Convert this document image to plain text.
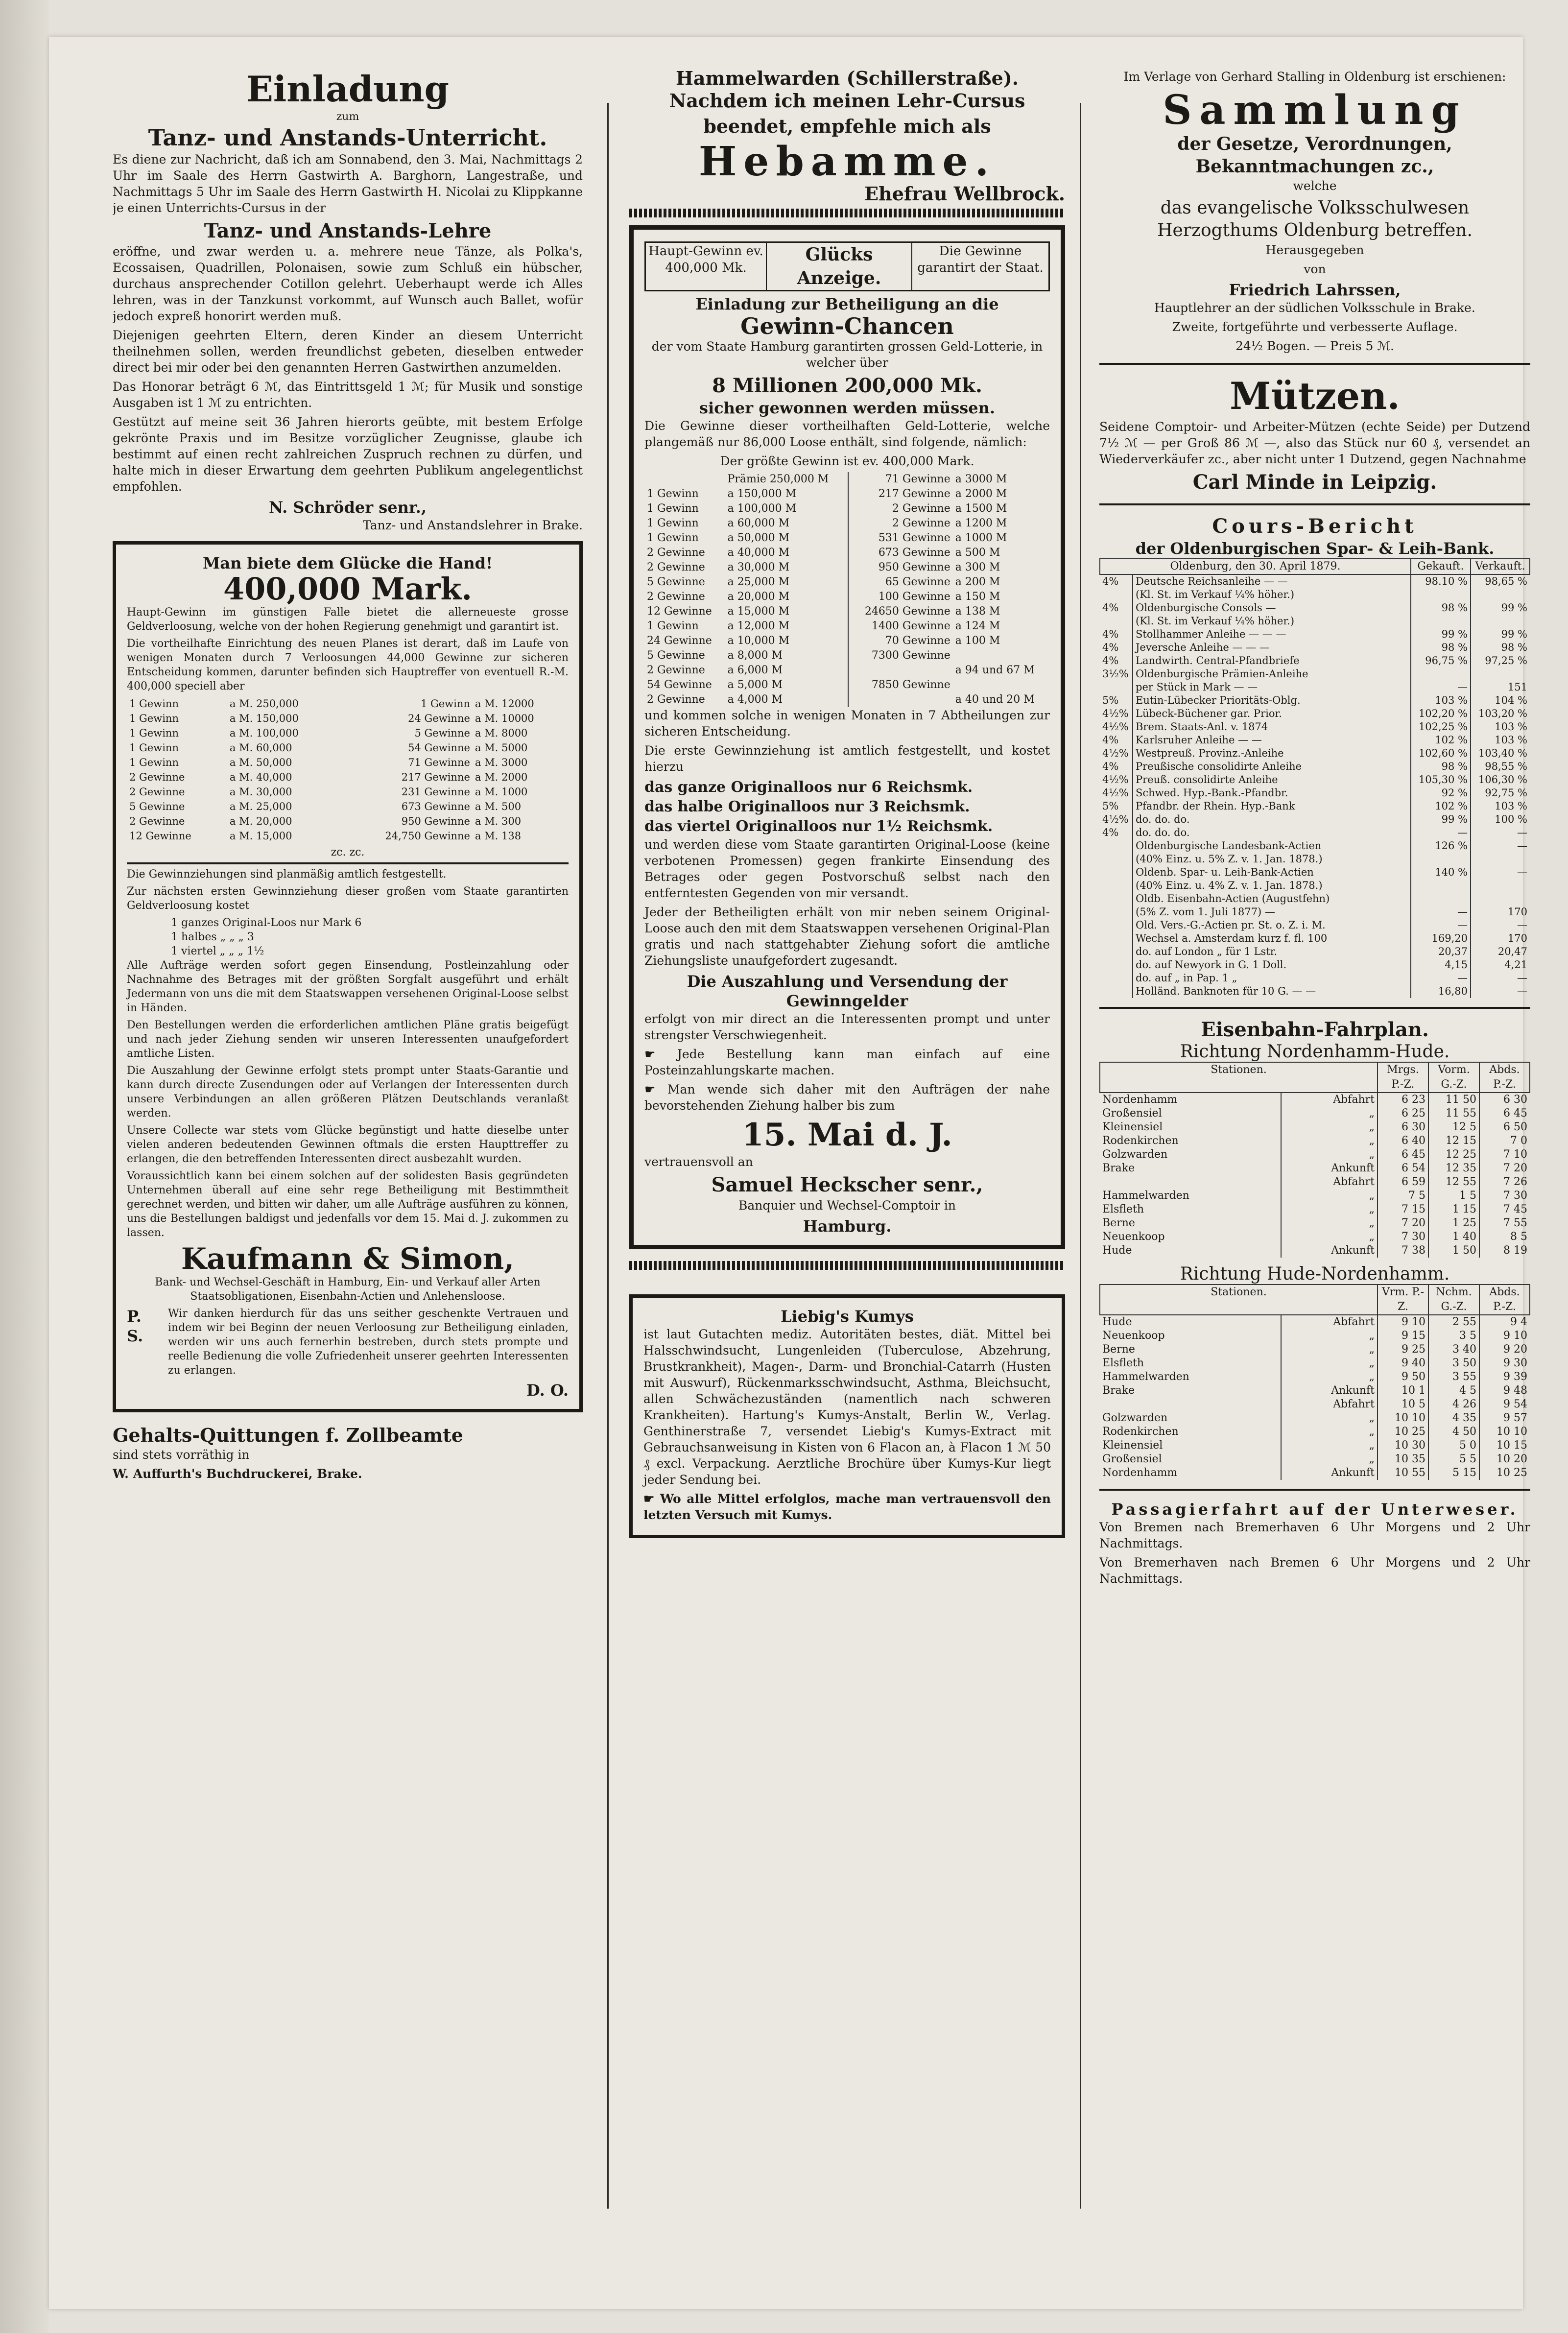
Einladung
zum
Tanz- und Anstands-Unterricht.

Es diene zur Nachricht, daß ich am Sonnabend, den 3. Mai, Nachmittags 2 Uhr im Saale des Herrn Gastwirth A. Barghorn, Langestraße, und Nachmittags 5 Uhr im Saale des Herrn Gastwirth H. Nicolai zu Klippkanne je einen Unterrichts-Cursus in der

Tanz- und Anstands-Lehre

eröffne, und zwar werden u. a. mehrere neue Tänze, als Polka's, Ecossaisen, Quadrillen, Polonaisen, sowie zum Schluß ein hübscher, durchaus ansprechender Cotillon gelehrt. Ueberhaupt werde ich Alles lehren, was in der Tanzkunst vorkommt, auf Wunsch auch Ballet, wofür jedoch expreß honorirt werden muß.

Diejenigen geehrten Eltern, deren Kinder an diesem Unterricht theilnehmen sollen, werden freundlichst gebeten, dieselben entweder direct bei mir oder bei den genannten Herren Gastwirthen anzumelden.

Das Honorar beträgt 6 ℳ, das Eintrittsgeld 1 ℳ; für Musik und sonstige Ausgaben ist 1 ℳ zu entrichten.

Gestützt auf meine seit 36 Jahren hierorts geübte, mit bestem Erfolge gekrönte Praxis und im Besitze vorzüglicher Zeugnisse, glaube ich bestimmt auf einen recht zahlreichen Zuspruch rechnen zu dürfen, und halte mich in dieser Erwartung dem geehrten Publikum angelegentlichst empfohlen.

N. Schröder senr.,

Tanz- und Anstandslehrer in Brake.

Man biete dem Glücke die Hand!
400,000 Mark.

Haupt-Gewinn im günstigen Falle bietet die allerneueste grosse Geldverloosung, welche von der hohen Regierung genehmigt und garantirt ist.

Die vortheilhafte Einrichtung des neuen Planes ist derart, daß im Laufe von wenigen Monaten durch 7 Verloosungen 44,000 Gewinne zur sicheren Entscheidung kommen, darunter befinden sich Hauptreffer von eventuell R.-M. 400,000 speciell aber

1 Gewinn	a M. 250,000	1 Gewinn	a M. 12000
1 Gewinn	a M. 150,000	24 Gewinne	a M. 10000
1 Gewinn	a M. 100,000	5 Gewinne	a M. 8000
1 Gewinn	a M. 60,000	54 Gewinne	a M. 5000
1 Gewinn	a M. 50,000	71 Gewinne	a M. 3000
2 Gewinne	a M. 40,000	217 Gewinne	a M. 2000
2 Gewinne	a M. 30,000	231 Gewinne	a M. 1000
5 Gewinne	a M. 25,000	673 Gewinne	a M. 500
2 Gewinne	a M. 20,000	950 Gewinne	a M. 300
12 Gewinne	a M. 15,000	24,750 Gewinne	a M. 138
zc. zc.

Die Gewinnziehungen sind planmäßig amtlich festgestellt.

Zur nächsten ersten Gewinnziehung dieser großen vom Staate garantirten Geldverloosung kostet

1 ganzes Original-Loos nur Mark 6
1 halbes „ „ „ 3
1 viertel „ „ „ 1½

Alle Aufträge werden sofort gegen Einsendung, Postleinzahlung oder Nachnahme des Betrages mit der größten Sorgfalt ausgeführt und erhält Jedermann von uns die mit dem Staatswappen versehenen Original-Loose selbst in Händen.

Den Bestellungen werden die erforderlichen amtlichen Pläne gratis beigefügt und nach jeder Ziehung senden wir unseren Interessenten unaufgefordert amtliche Listen.

Die Auszahlung der Gewinne erfolgt stets prompt unter Staats-Garantie und kann durch directe Zusendungen oder auf Verlangen der Interessenten durch unsere Verbindungen an allen größeren Plätzen Deutschlands veranlaßt werden.

Unsere Collecte war stets vom Glücke begünstigt und hatte dieselbe unter vielen anderen bedeutenden Gewinnen oftmals die ersten Haupttreffer zu erlangen, die den betreffenden Interessenten direct ausbezahlt wurden.

Voraussichtlich kann bei einem solchen auf der solidesten Basis gegründeten Unternehmen überall auf eine sehr rege Betheiligung mit Bestimmtheit gerechnet werden, und bitten wir daher, um alle Aufträge ausführen zu können, uns die Bestellungen baldigst und jedenfalls vor dem 15. Mai d. J. zukommen zu lassen.

Kaufmann & Simon,

Bank- und Wechsel-Geschäft in Hamburg, Ein- und Verkauf aller Arten Staatsobligationen, Eisenbahn-Actien und Anlehensloose.

P. S.

Wir danken hierdurch für das uns seither geschenkte Vertrauen und indem wir bei Beginn der neuen Verloosung zur Betheiligung einladen, werden wir uns auch fernerhin bestreben, durch stets prompte und reelle Bedienung die volle Zufriedenheit unserer geehrten Interessenten zu erlangen.

D. O.
Gehalts-Quittungen f. Zollbeamte

sind stets vorräthig in

W. Auffurth's Buchdruckerei, Brake.

Hammelwarden (Schillerstraße).
Nachdem ich meinen Lehr-Cursus beendet, empfehle mich als
Hebamme.
Ehefrau Wellbrock.
Haupt-Gewinn ev. 400,000 Mk.	
Glücks
Anzeige.
	Die Gewinne garantirt der Staat.
Einladung zur Betheiligung an die
Gewinn-Chancen

der vom Staate Hamburg garantirten grossen Geld-Lotterie, in welcher über

8 Millionen 200,000 Mk.
sicher gewonnen werden müssen.

Die Gewinne dieser vortheilhaften Geld-Lotterie, welche plangemäß nur 86,000 Loose enthält, sind folgende, nämlich:

Der größte Gewinn ist ev. 400,000 Mark.

	Prämie 250,000 M	71 Gewinne	a 3000 M
1 Gewinn	a 150,000 M	217 Gewinne	a 2000 M
1 Gewinn	a 100,000 M	2 Gewinne	a 1500 M
1 Gewinn	a 60,000 M	2 Gewinne	a 1200 M
1 Gewinn	a 50,000 M	531 Gewinne	a 1000 M
2 Gewinne	a 40,000 M	673 Gewinne	a 500 M
2 Gewinne	a 30,000 M	950 Gewinne	a 300 M
5 Gewinne	a 25,000 M	65 Gewinne	a 200 M
2 Gewinne	a 20,000 M	100 Gewinne	a 150 M
12 Gewinne	a 15,000 M	24650 Gewinne	a 138 M
1 Gewinn	a 12,000 M	1400 Gewinne	a 124 M
24 Gewinne	a 10,000 M	70 Gewinne	a 100 M
5 Gewinne	a 8,000 M	7300 Gewinne	
2 Gewinne	a 6,000 M		a 94 und 67 M
54 Gewinne	a 5,000 M	7850 Gewinne	
2 Gewinne	a 4,000 M		a 40 und 20 M

und kommen solche in wenigen Monaten in 7 Abtheilungen zur sicheren Entscheidung.

Die erste Gewinnziehung ist amtlich festgestellt, und kostet hierzu

das ganze Originalloos nur 6 Reichsmk.
das halbe Originalloos nur 3 Reichsmk.
das viertel Originalloos nur 1½ Reichsmk.

und werden diese vom Staate garantirten Original-Loose (keine verbotenen Promessen) gegen frankirte Einsendung des Betrages oder gegen Postvorschuß selbst nach den entferntesten Gegenden von mir versandt.

Jeder der Betheiligten erhält von mir neben seinem Original-Loose auch den mit dem Staatswappen versehenen Original-Plan gratis und nach stattgehabter Ziehung sofort die amtliche Ziehungsliste unaufgefordert zugesandt.

Die Auszahlung und Versendung der Gewinngelder

erfolgt von mir direct an die Interessenten prompt und unter strengster Verschwiegenheit.

☛ Jede Bestellung kann man einfach auf eine Posteinzahlungskarte machen.

☛ Man wende sich daher mit den Aufträgen der nahe bevorstehenden Ziehung halber bis zum

15. Mai d. J.

vertrauensvoll an

Samuel Heckscher senr.,

Banquier und Wechsel-Comptoir in

Hamburg.
Liebig's Kumys

ist laut Gutachten mediz. Autoritäten bestes, diät. Mittel bei Halsschwindsucht, Lungenleiden (Tuberculose, Abzehrung, Brustkrankheit), Magen-, Darm- und Bronchial-Catarrh (Husten mit Auswurf), Rückenmarksschwindsucht, Asthma, Bleichsucht, allen Schwächezuständen (namentlich nach schweren Krankheiten). Hartung's Kumys-Anstalt, Berlin W., Verlag. Genthinerstraße 7, versendet Liebig's Kumys-Extract mit Gebrauchsanweisung in Kisten von 6 Flacon an, à Flacon 1 ℳ 50 ₰ excl. Verpackung. Aerztliche Brochüre über Kumys-Kur liegt jeder Sendung bei.

☛ Wo alle Mittel erfolglos, mache man vertrauensvoll den letzten Versuch mit Kumys.

Im Verlage von Gerhard Stalling in Oldenburg ist erschienen:

Sammlung
der Gesetze, Verordnungen, Bekanntmachungen zc.,

welche

das evangelische Volksschulwesen Herzogthums Oldenburg betreffen.

Herausgegeben

von

Friedrich Lahrssen,

Hauptlehrer an der südlichen Volksschule in Brake.

Zweite, fortgeführte und verbesserte Auflage.

24½ Bogen. — Preis 5 ℳ.

Mützen.

Seidene Comptoir- und Arbeiter-Mützen (echte Seide) per Dutzend 7½ ℳ — per Groß 86 ℳ —, also das Stück nur 60 ₰, versendet an Wiederverkäufer zc., aber nicht unter 1 Dutzend, gegen Nachnahme

Carl Minde in Leipzig.
Cours-Bericht
der Oldenburgischen Spar- & Leih-Bank.
Oldenburg, den 30. April 1879.		Gekauft.	Verkauft.
4%	Deutsche Reichsanleihe — —	98.10 %	98,65 %
	(Kl. St. im Verkauf ¼% höher.)		
4%	Oldenburgische Consols —	98 %	99 %
	(Kl. St. im Verkauf ¼% höher.)		
4%	Stollhammer Anleihe — — —	99 %	99 %
4%	Jeversche Anleihe — — —	98 %	98 %
4%	Landwirth. Central-Pfandbriefe	96,75 %	97,25 %
3½%	Oldenburgische Prämien-Anleihe		
	per Stück in Mark — —	—	151
5%	Eutin-Lübecker Prioritäts-Oblg.	103 %	104 %
4½%	Lübeck-Büchener gar. Prior.	102,20 %	103,20 %
4½%	Brem. Staats-Anl. v. 1874	102,25 %	103 %
4%	Karlsruher Anleihe — —	102 %	103 %
4½%	Westpreuß. Provinz.-Anleihe	102,60 %	103,40 %
4%	Preußische consolidirte Anleihe	98 %	98,55 %
4½%	Preuß. consolidirte Anleihe	105,30 %	106,30 %
4½%	Schwed. Hyp.-Bank.-Pfandbr.	92 %	92,75 %
5%	Pfandbr. der Rhein. Hyp.-Bank	102 %	103 %
4½%	do. do. do.	99 %	100 %
4%	do. do. do.	—	—
	Oldenburgische Landesbank-Actien	126 %	—
	(40% Einz. u. 5% Z. v. 1. Jan. 1878.)		
	Oldenb. Spar- u. Leih-Bank-Actien	140 %	—
	(40% Einz. u. 4% Z. v. 1. Jan. 1878.)		
	Oldb. Eisenbahn-Actien (Augustfehn)		
	(5% Z. vom 1. Juli 1877) —	—	170
	Old. Vers.-G.-Actien pr. St. o. Z. i. M.	—	—
	Wechsel a. Amsterdam kurz f. fl. 100	169,20	170
	do. auf London „ für 1 Lstr.	20,37	20,47
	do. auf Newyork in G. 1 Doll.	4,15	4,21
	do. auf „ in Pap. 1 „	—	—
	Holländ. Banknoten für 10 G. — —	16,80	—
Eisenbahn-Fahrplan.
Richtung Nordenhamm-Hude.
Stationen.		Mrgs. P.-Z.	Vorm. G.-Z.	Abds. P.-Z.
Nordenhamm	Abfahrt	6 23	11 50	6 30
Großensiel	„	6 25	11 55	6 45
Kleinensiel	„	6 30	12 5	6 50
Rodenkirchen	„	6 40	12 15	7 0
Golzwarden	„	6 45	12 25	7 10
Brake	Ankunft	6 54	12 35	7 20
	Abfahrt	6 59	12 55	7 26
Hammelwarden	„	7 5	1 5	7 30
Elsfleth	„	7 15	1 15	7 45
Berne	„	7 20	1 25	7 55
Neuenkoop	„	7 30	1 40	8 5
Hude	Ankunft	7 38	1 50	8 19
Richtung Hude-Nordenhamm.
Stationen.		Vrm. P.-Z.	Nchm. G.-Z.	Abds. P.-Z.
Hude	Abfahrt	9 10	2 55	9 4
Neuenkoop	„	9 15	3 5	9 10
Berne	„	9 25	3 40	9 20
Elsfleth	„	9 40	3 50	9 30
Hammelwarden	„	9 50	3 55	9 39
Brake	Ankunft	10 1	4 5	9 48
	Abfahrt	10 5	4 26	9 54
Golzwarden	„	10 10	4 35	9 57
Rodenkirchen	„	10 25	4 50	10 10
Kleinensiel	„	10 30	5 0	10 15
Großensiel	„	10 35	5 5	10 20
Nordenhamm	Ankunft	10 55	5 15	10 25
Passagierfahrt auf der Unterweser.

Von Bremen nach Bremerhaven 6 Uhr Morgens und 2 Uhr Nachmittags.

Von Bremerhaven nach Bremen 6 Uhr Morgens und 2 Uhr Nachmittags.
